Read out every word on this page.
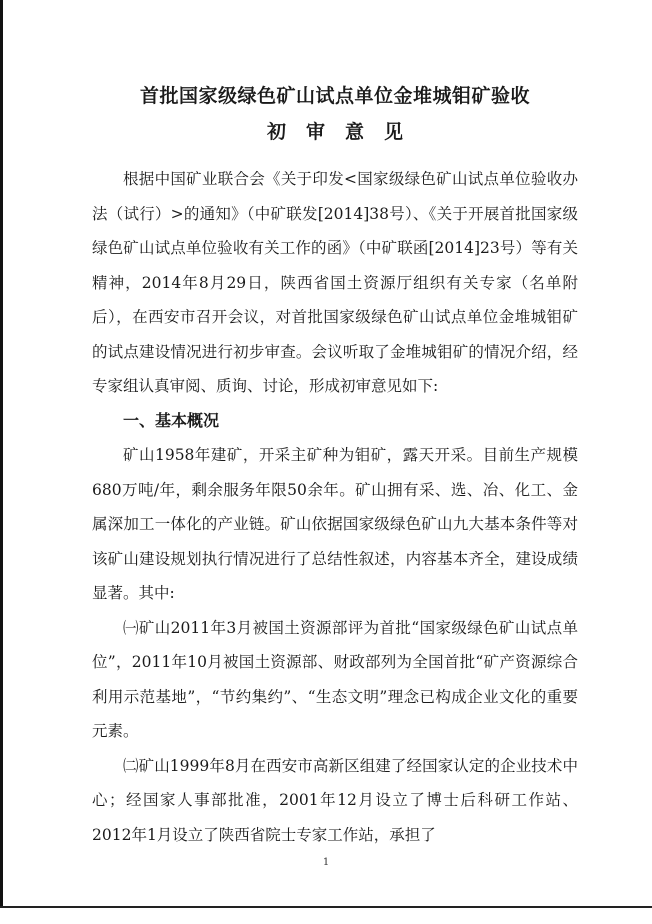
首批国家级绿色矿山试点单位金堆城钼矿验收
初审意见

根据中国矿业联合会《关于印发<国家级绿色矿山试点单位验收办法（试行）>的通知》（中矿联发[2014]38号）、《关于开展首批国家级绿色矿山试点单位验收有关工作的函》（中矿联函[2014]23号）等有关精神，2014年8月29日，陕西省国土资源厅组织有关专家（名单附后），在西安市召开会议，对首批国家级绿色矿山试点单位金堆城钼矿的试点建设情况进行初步审查。会议听取了金堆城钼矿的情况介绍，经专家组认真审阅、质询、讨论，形成初审意见如下:

一、基本概况

矿山1958年建矿，开采主矿种为钼矿，露天开采。目前生产规模680万吨/年，剩余服务年限50余年。矿山拥有采、选、冶、化工、金属深加工一体化的产业链。矿山依据国家级绿色矿山九大基本条件等对该矿山建设规划执行情况进行了总结性叙述，内容基本齐全，建设成绩显著。其中:

㈠矿山2011年3月被国土资源部评为首批“国家级绿色矿山试点单位”，2011年10月被国土资源部、财政部列为全国首批“矿产资源综合利用示范基地”，“节约集约”、“生态文明”理念已构成企业文化的重要元素。

㈡矿山1999年8月在西安市高新区组建了经国家认定的企业技术中心；经国家人事部批准，2001年12月设立了博士后科研工作站、2012年1月设立了陕西省院士专家工作站，承担了

1
